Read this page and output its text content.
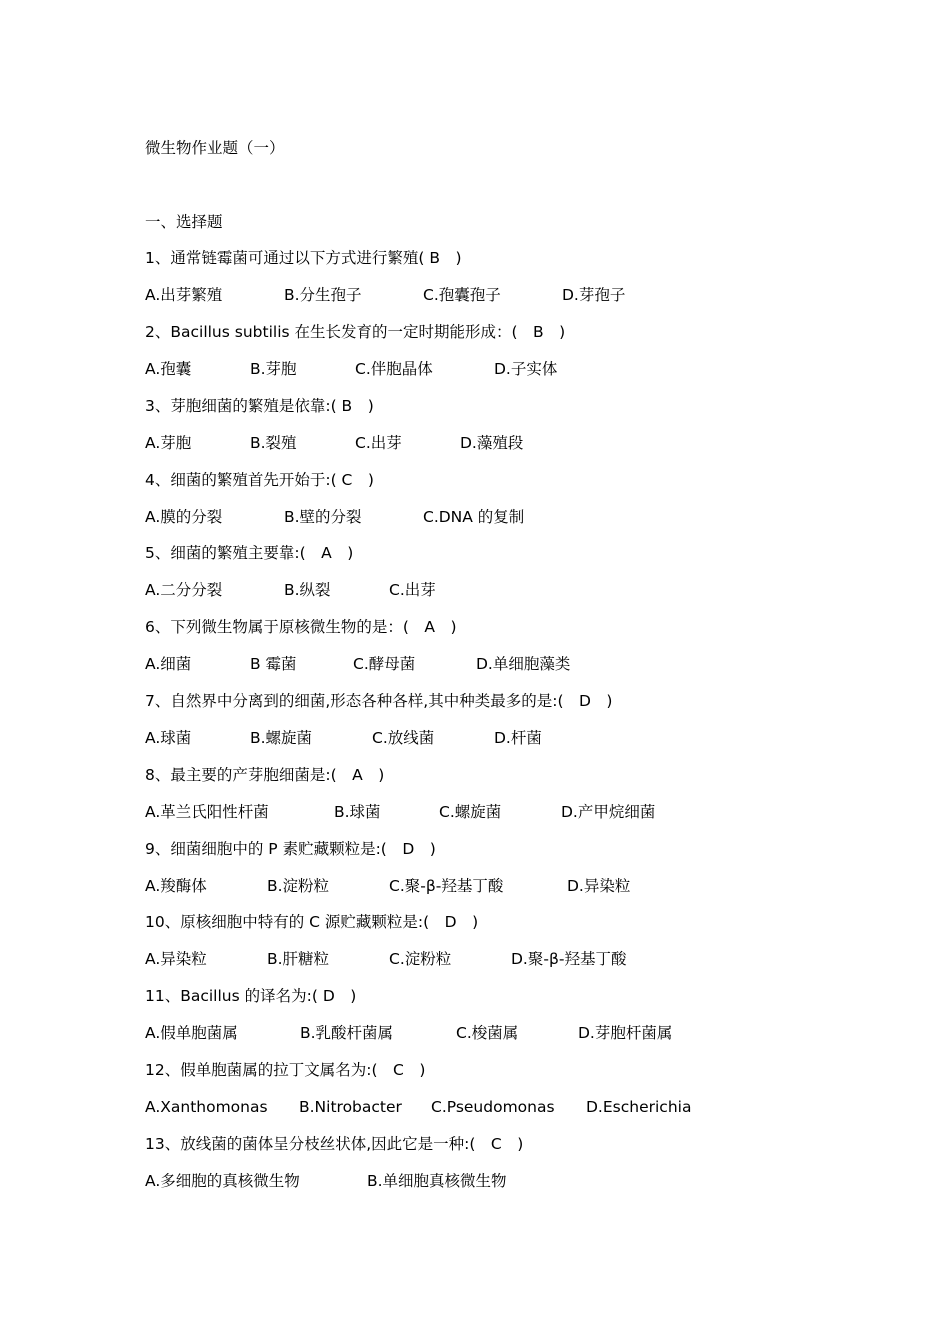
微生物作业题（一）
一、选择题
1、通常链霉菌可通过以下方式进行繁殖( B　)
A.出芽繁殖	B.分生孢子	C.孢囊孢子	D.芽孢子
2、Bacillus subtilis 在生长发育的一定时期能形成：(　B　)
A.孢囊	B.芽胞	C.伴胞晶体	D.子实体
3、芽胞细菌的繁殖是依靠:( B　)
A.芽胞	B.裂殖	C.出芽	D.藻殖段
4、细菌的繁殖首先开始于:( C　)
A.膜的分裂	B.壁的分裂	C.DNA 的复制
5、细菌的繁殖主要靠:(　A　)
A.二分分裂	B.纵裂	C.出芽
6、下列微生物属于原核微生物的是：(　A　)
A.细菌	B 霉菌	C.酵母菌	D.单细胞藻类
7、自然界中分离到的细菌,形态各种各样,其中种类最多的是:(　D　)
A.球菌	B.螺旋菌	C.放线菌	D.杆菌
8、最主要的产芽胞细菌是:(　A　)
A.革兰氏阳性杆菌	B.球菌	C.螺旋菌	D.产甲烷细菌
9、细菌细胞中的 P 素贮藏颗粒是:(　D　)
A.羧酶体	B.淀粉粒	C.聚-β-羟基丁酸	D.异染粒
10、原核细胞中特有的 C 源贮藏颗粒是:(　D　)
A.异染粒	B.肝糖粒	C.淀粉粒	D.聚-β-羟基丁酸
11、Bacillus 的译名为:( D　)
A.假单胞菌属	B.乳酸杆菌属	C.梭菌属	D.芽胞杆菌属
12、假单胞菌属的拉丁文属名为:(　C　)
A.Xanthomonas B.Nitrobacter C.Pseudomonas D.Escherichia
13、放线菌的菌体呈分枝丝状体,因此它是一种:(　C　)
A.多细胞的真核微生物	B.单细胞真核微生物
